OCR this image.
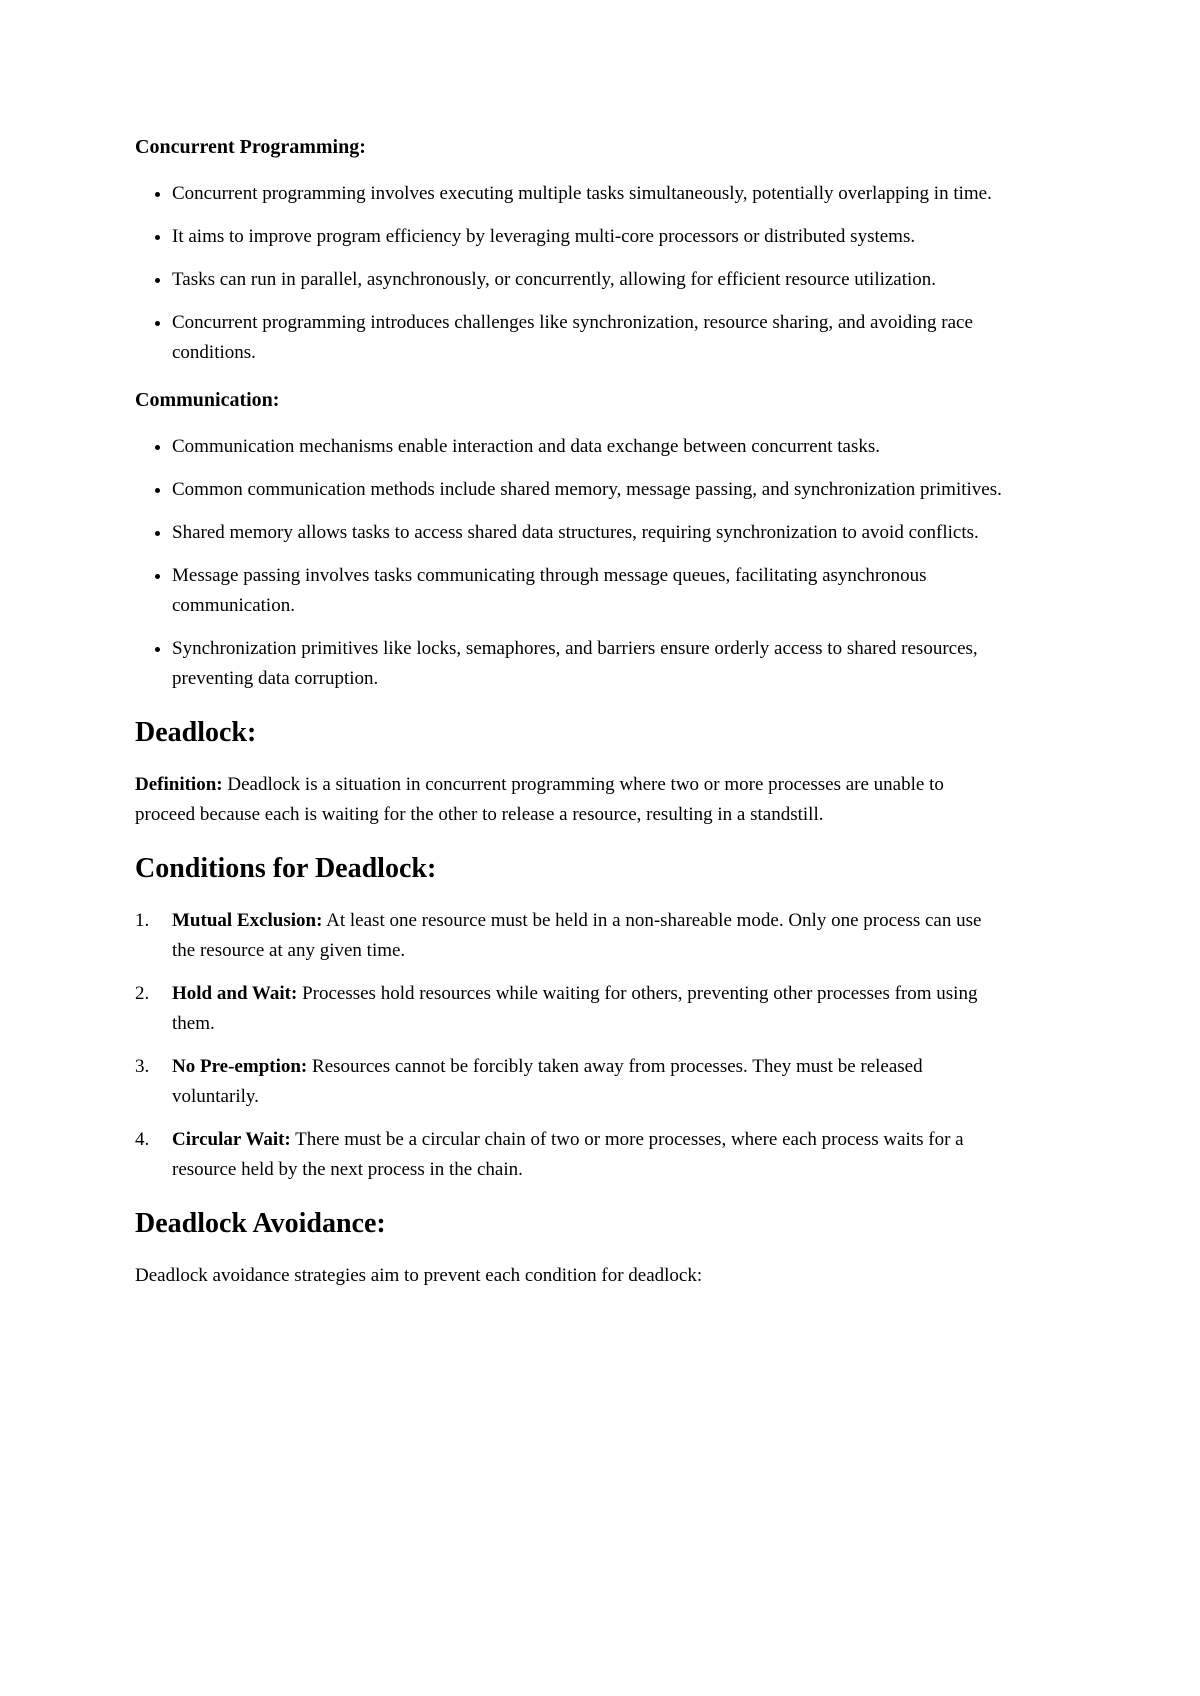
Concurrent Programming:
• Concurrent programming involves executing multiple tasks simultaneously, potentially overlapping in time.
• It aims to improve program efficiency by leveraging multi-core processors or distributed systems.
• Tasks can run in parallel, asynchronously, or concurrently, allowing for efficient resource utilization.
• Concurrent programming introduces challenges like synchronization, resource sharing, and avoiding race conditions.
Communication:
• Communication mechanisms enable interaction and data exchange between concurrent tasks.
• Common communication methods include shared memory, message passing, and synchronization primitives.
• Shared memory allows tasks to access shared data structures, requiring synchronization to avoid conflicts.
• Message passing involves tasks communicating through message queues, facilitating asynchronous communication.
• Synchronization primitives like locks, semaphores, and barriers ensure orderly access to shared resources, preventing data corruption.
Deadlock:

Definition: Deadlock is a situation in concurrent programming where two or more processes are unable to proceed because each is waiting for the other to release a resource, resulting in a standstill.

Conditions for Deadlock:
1.	Mutual Exclusion: At least one resource must be held in a non-shareable mode. Only one process can use the resource at any given time.
2.	Hold and Wait: Processes hold resources while waiting for others, preventing other processes from using them.
3.	No Pre-emption: Resources cannot be forcibly taken away from processes. They must be released voluntarily.
4.	Circular Wait: There must be a circular chain of two or more processes, where each process waits for a resource held by the next process in the chain.
Deadlock Avoidance:

Deadlock avoidance strategies aim to prevent each condition for deadlock:
